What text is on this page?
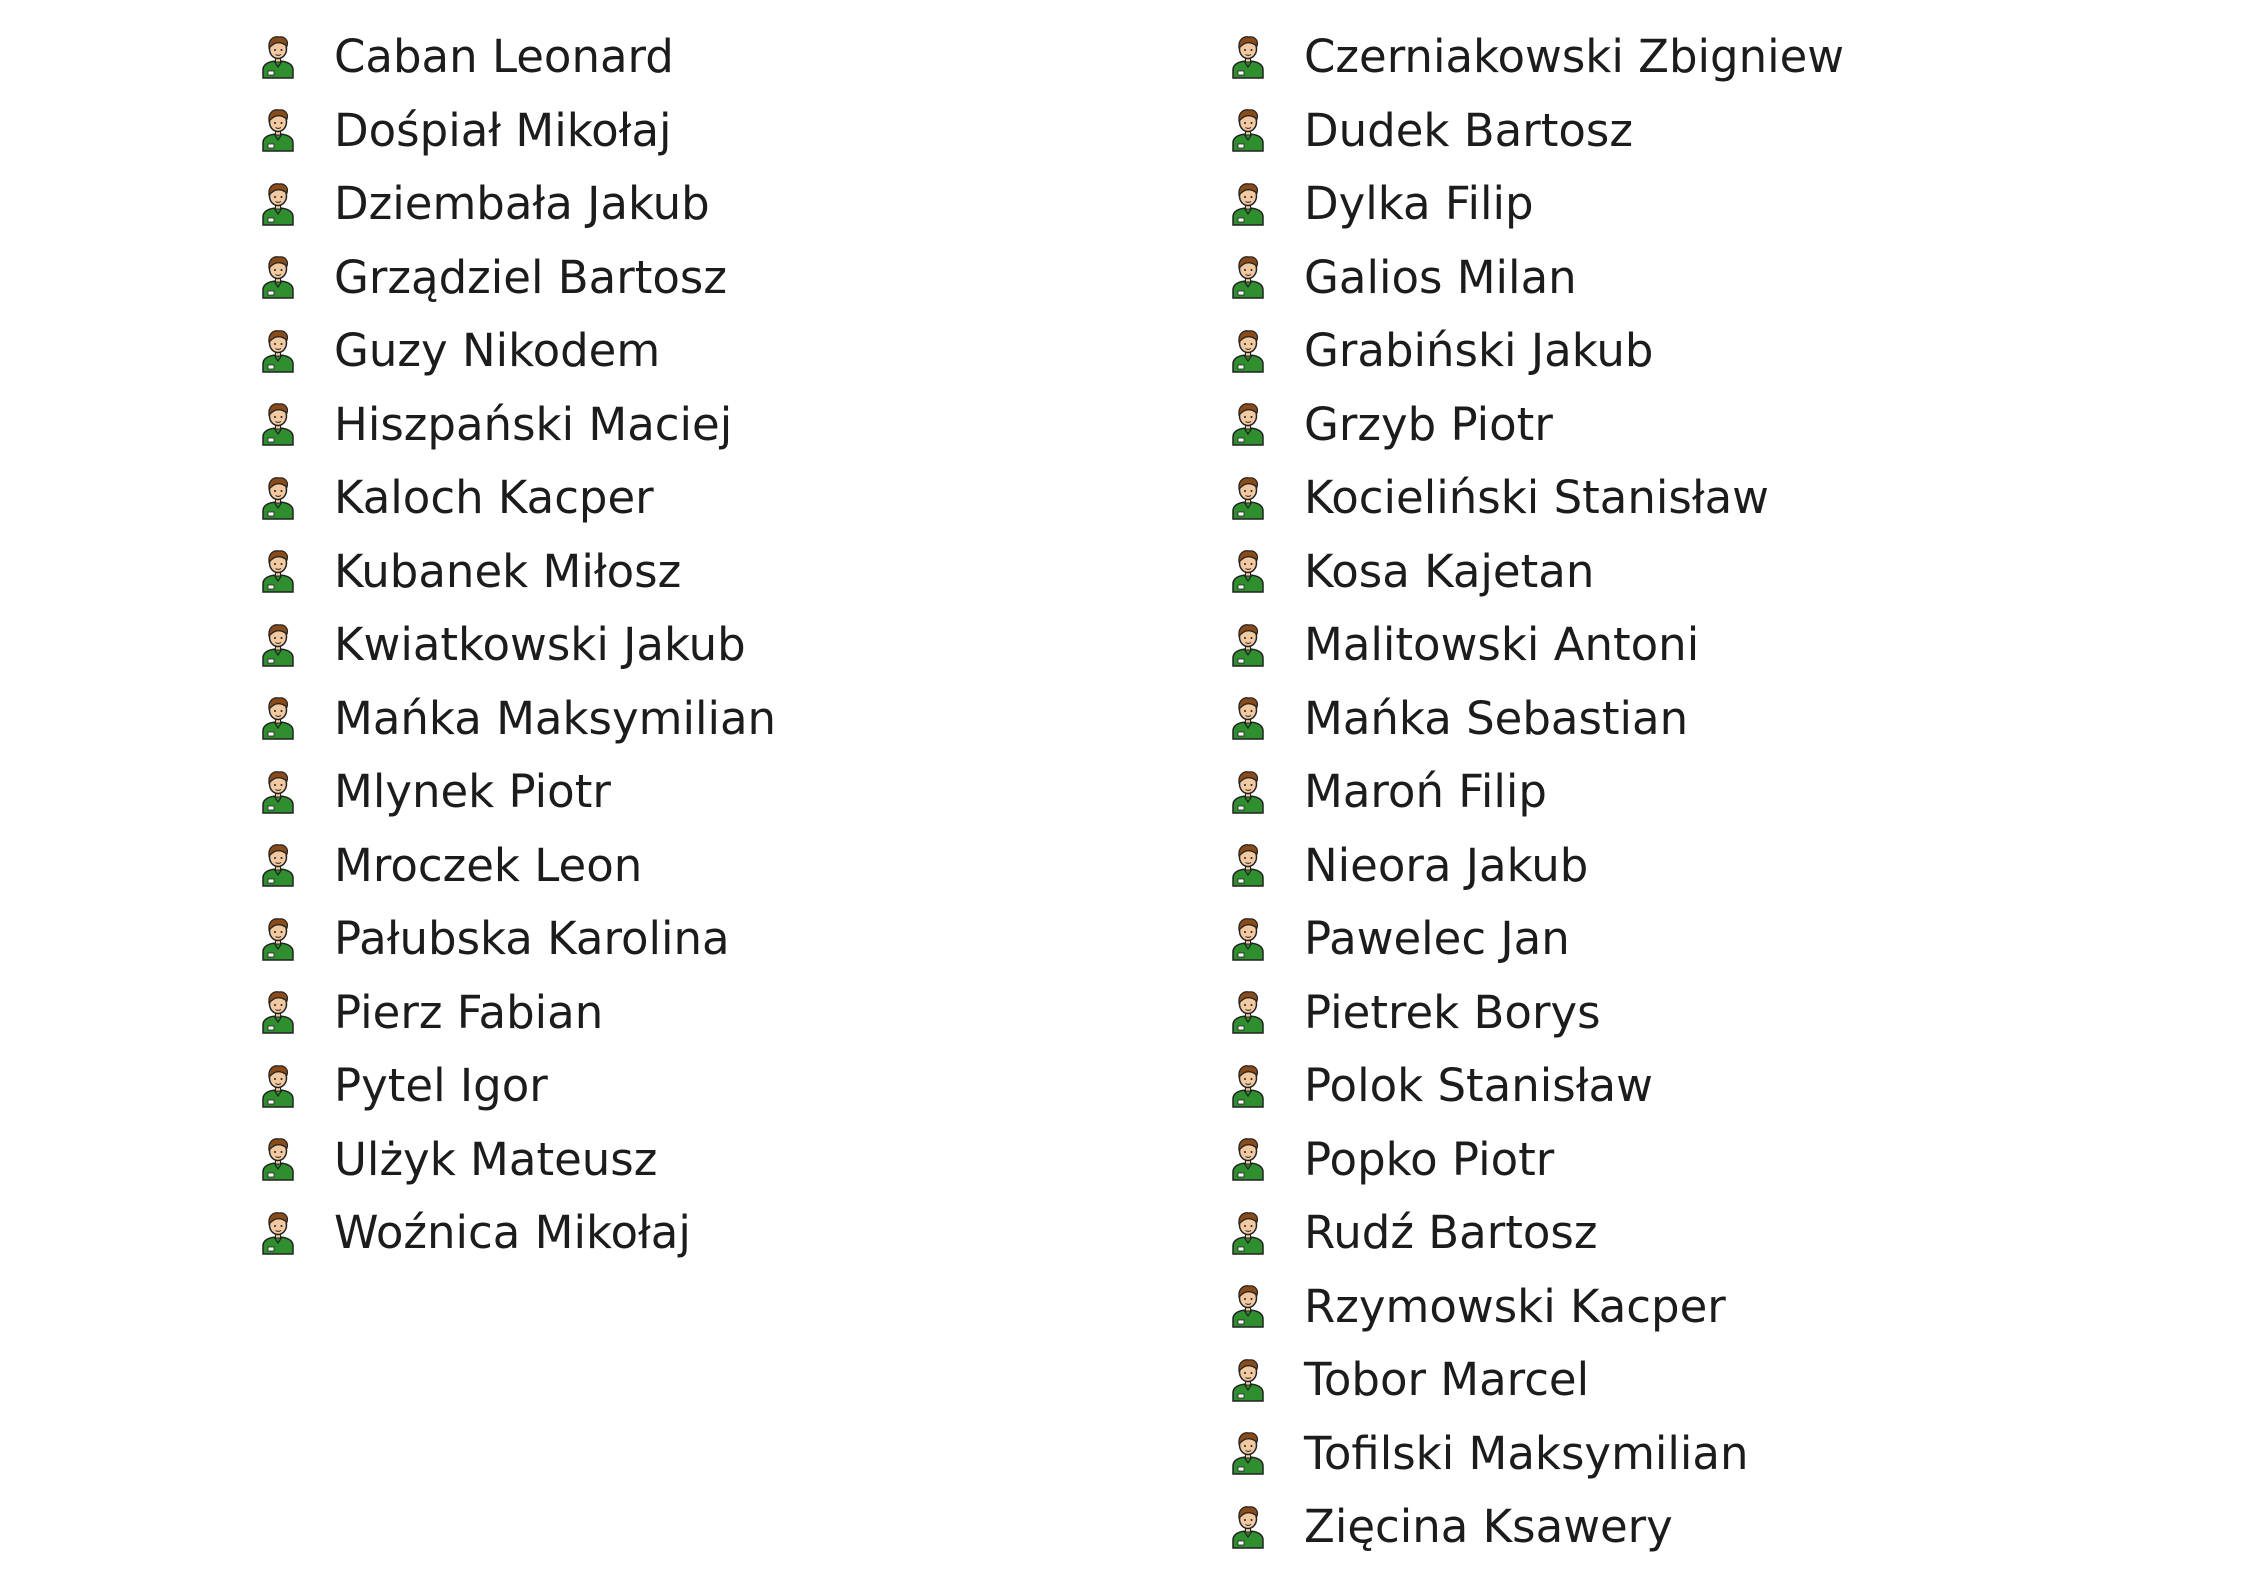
Caban Leonard
Dośpiał Mikołaj
Dziembała Jakub
Grządziel Bartosz
Guzy Nikodem
Hiszpański Maciej
Kaloch Kacper
Kubanek Miłosz
Kwiatkowski Jakub
Mańka Maksymilian
Mlynek Piotr
Mroczek Leon
Pałubska Karolina
Pierz Fabian
Pytel Igor
Ulżyk Mateusz
Woźnica Mikołaj
Czerniakowski Zbigniew
Dudek Bartosz
Dylka Filip
Galios Milan
Grabiński Jakub
Grzyb Piotr
Kocieliński Stanisław
Kosa Kajetan
Malitowski Antoni
Mańka Sebastian
Maroń Filip
Nieora Jakub
Pawelec Jan
Pietrek Borys
Polok Stanisław
Popko Piotr
Rudź Bartosz
Rzymowski Kacper
Tobor Marcel
Tofilski Maksymilian
Zięcina Ksawery
